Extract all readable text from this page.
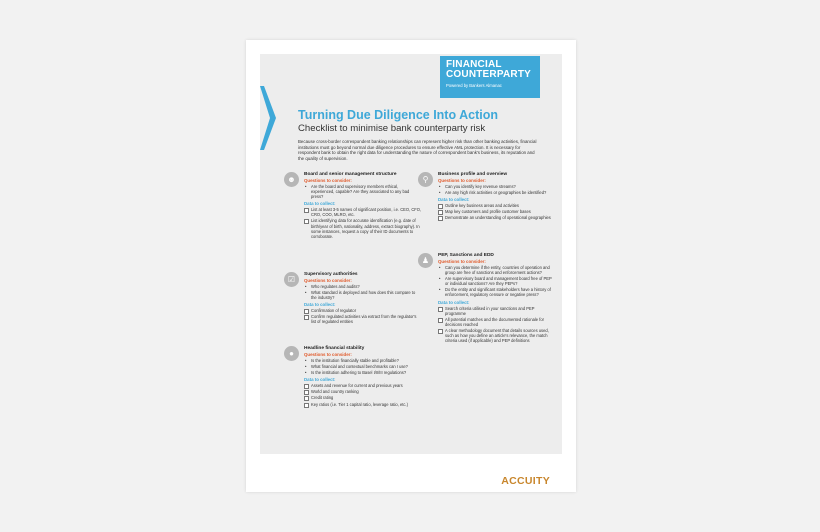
FINANCIAL
COUNTERPARTY
Powered by Bankers Almanac
Turning Due Diligence Into Action
Checklist to minimise bank counterparty risk
Because cross-border correspondent banking relationships can represent higher risk than other banking activities, financial institutions must go beyond normal due diligence procedures to ensure effective AML protection. It is necessary for respondent bank to obtain the right data for understanding the nature of correspondent bank's business, its reputation and the quality of supervision.
☻
Board and senior management structure
Questions to consider:
• Are the board and supervisory members ethical, experienced, capable? Are they associated to any bad press?
Data to collect:
List at least 3-5 names of significant position, i.e. CEO, CFO, CRO, COO, MLRO, etc.
List identifying data for accurate identification (e.g. date of birth/year of birth, nationality, address, extract biography). In some instances, request a copy of their ID documents to corroborate.
☑
Supervisory authorities
Questions to consider:
• Who regulates and audits?
• What standard is deployed and how does this compare to the industry?
Data to collect:
Confirmation of regulator
Confirm regulated activities via extract from the regulator's list of regulated entities
●
Headline financial stability
Questions to consider:
• Is the institution financially stable and profitable?
• What financial and contextual benchmarks can I use?
• Is the institution adhering to Basel I/II/III regulations?
Data to collect:
Assets and revenue for current and previous years
World and country ranking
Credit rating
Key ratios (i.e. Tier 1 capital ratio, leverage ratio, etc.)
⚲
Business profile and overview
Questions to consider:
• Can you identify key revenue streams?
• Are any high risk activities or geographies be identified?
Data to collect:
Outline key business areas and activities
Map key customers and profile customer bases
Demonstrate an understanding of operational geographies
♟
PEP, Sanctions and EDD
Questions to consider:
• Can you determine if the entity, countries of operation and group are free of sanctions and enforcement actions?
• Are supervisory board and management board free of PEP or individual sanctions? Are they PEPs?
• Do the entity and significant stakeholders have a history of enforcement, regulatory censure or negative press?
Data to collect:
Search criteria utilised in your sanctions and PEP programme
All potential matches and the documented rationale for decisions reached
A clear methodology document that details sources used, such as how you define an article's relevance, the match criteria used (if applicable) and PEP definitions
ACCUITY
